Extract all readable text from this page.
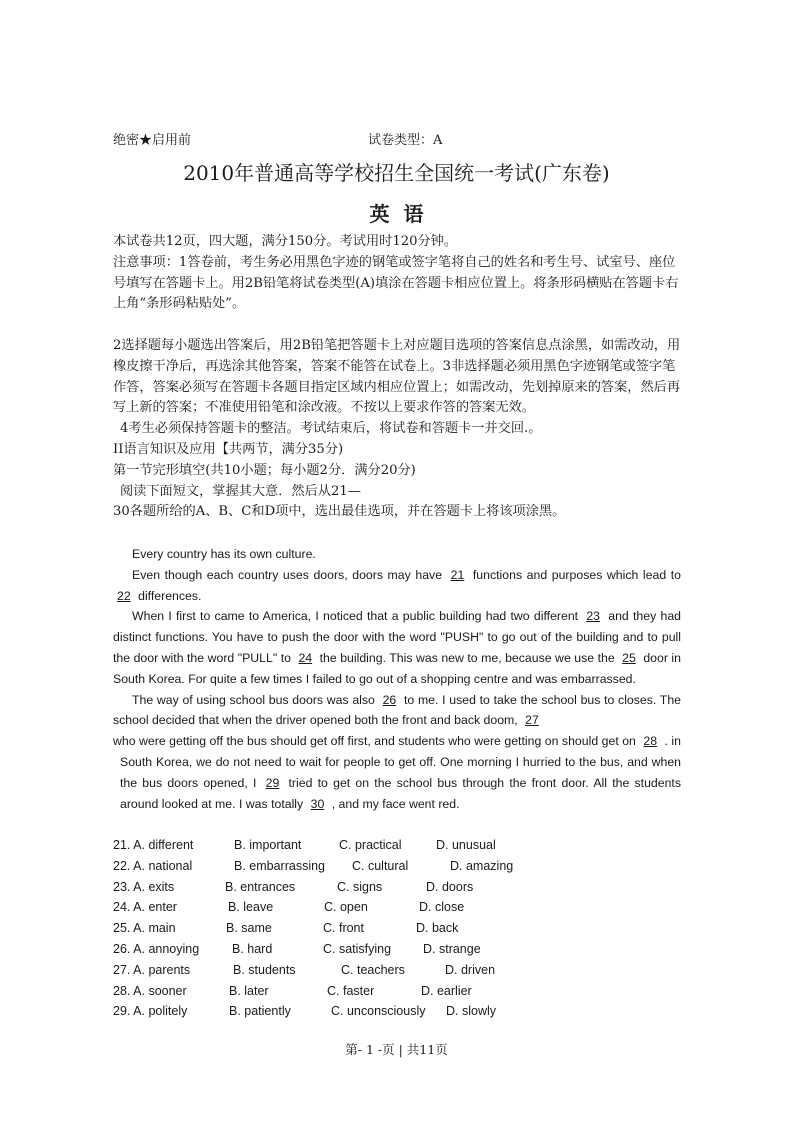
绝密★启用前	试卷类型：A
2010年普通高等学校招生全国统一考试(广东卷)
英语

本试卷共12页，四大题，满分150分。考试用时120分钟。

注意事项：1答卷前，考生务必用黑色字迹的钢笔或签字笔将自己的姓名和考生号、试室号、座位号填写在答题卡上。用2B铅笔将试卷类型(A)填涂在答题卡相应位置上。将条形码横贴在答题卡右上角“条形码粘贴处”。

2选择题每小题选出答案后，用2B铅笔把答题卡上对应题目选项的答案信息点涂黑，如需改动，用橡皮擦干净后，再选涂其他答案，答案不能答在试卷上。3非选择题必须用黑色字迹钢笔或签字笔作答，答案必须写在答题卡各题目指定区域内相应位置上；如需改动，先划掉原来的答案，然后再写上新的答案；不准使用铅笔和涂改液。不按以上要求作答的答案无效。

4考生必须保持答题卡的整洁。考试结束后，将试卷和答题卡一并交回.。

II语言知识及应用【共两节，满分35分)

第一节完形填空(共10小题；每小题2分．满分20分)

阅读下面短文，掌握其大意．然后从21—

30各题所给的A、B、C和D项中，选出最佳选项，并在答题卡上将该项涂黑。

Every country has its own culture.

Even though each country uses doors, doors may have 21 functions and purposes which lead to 22 differences.

When I first to came to America, I noticed that a public building had two different 23 and they had distinct functions. You have to push the door with the word "PUSH" to go out of the building and to pull the door with the word "PULL" to 24 the building. This was new to me, because we use the 25 door in South Korea. For quite a few times I failed to go out of a shopping centre and was embarrassed.

The way of using school bus doors was also 26 to me. I used to take the school bus to closes. The school decided that when the driver opened both the front and back doom, 27

who were getting off the bus should get off first, and students who were getting on should get on 28 . in South Korea, we do not need to wait for people to get off. One morning I hurried to the bus, and when the bus doors opened, I 29 tried to get on the school bus through the front door. All the students around looked at me. I was totally 30 , and my face went red.

21. A. different	B. important	C. practical	D. unusual
22. A. national	B. embarrassing C. cultural	D. amazing
23. A. exits	B. entrances	C. signs	D. doors
24. A. enter	B. leave	C. open	D. close
25. A. main	B. same	C. front	D. back
26. A. annoying	B. hard	C. satisfying	D. strange
27. A. parents	B. students	C. teachers	D. driven
28. A. sooner	B. later	C. faster	D. earlier
29. A. politely	B. patiently	C. unconsciously D. slowly
第- 1 -页 | 共11页
